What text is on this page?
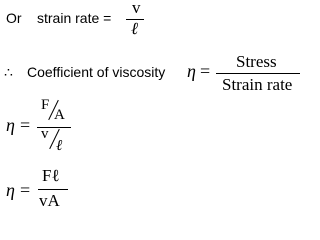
Or strain rate =
v
ℓ
∴ Coefficient of viscosity η = Stress
Strain rate
η =
F
A
v
ℓ
η =
Fℓ
vA
